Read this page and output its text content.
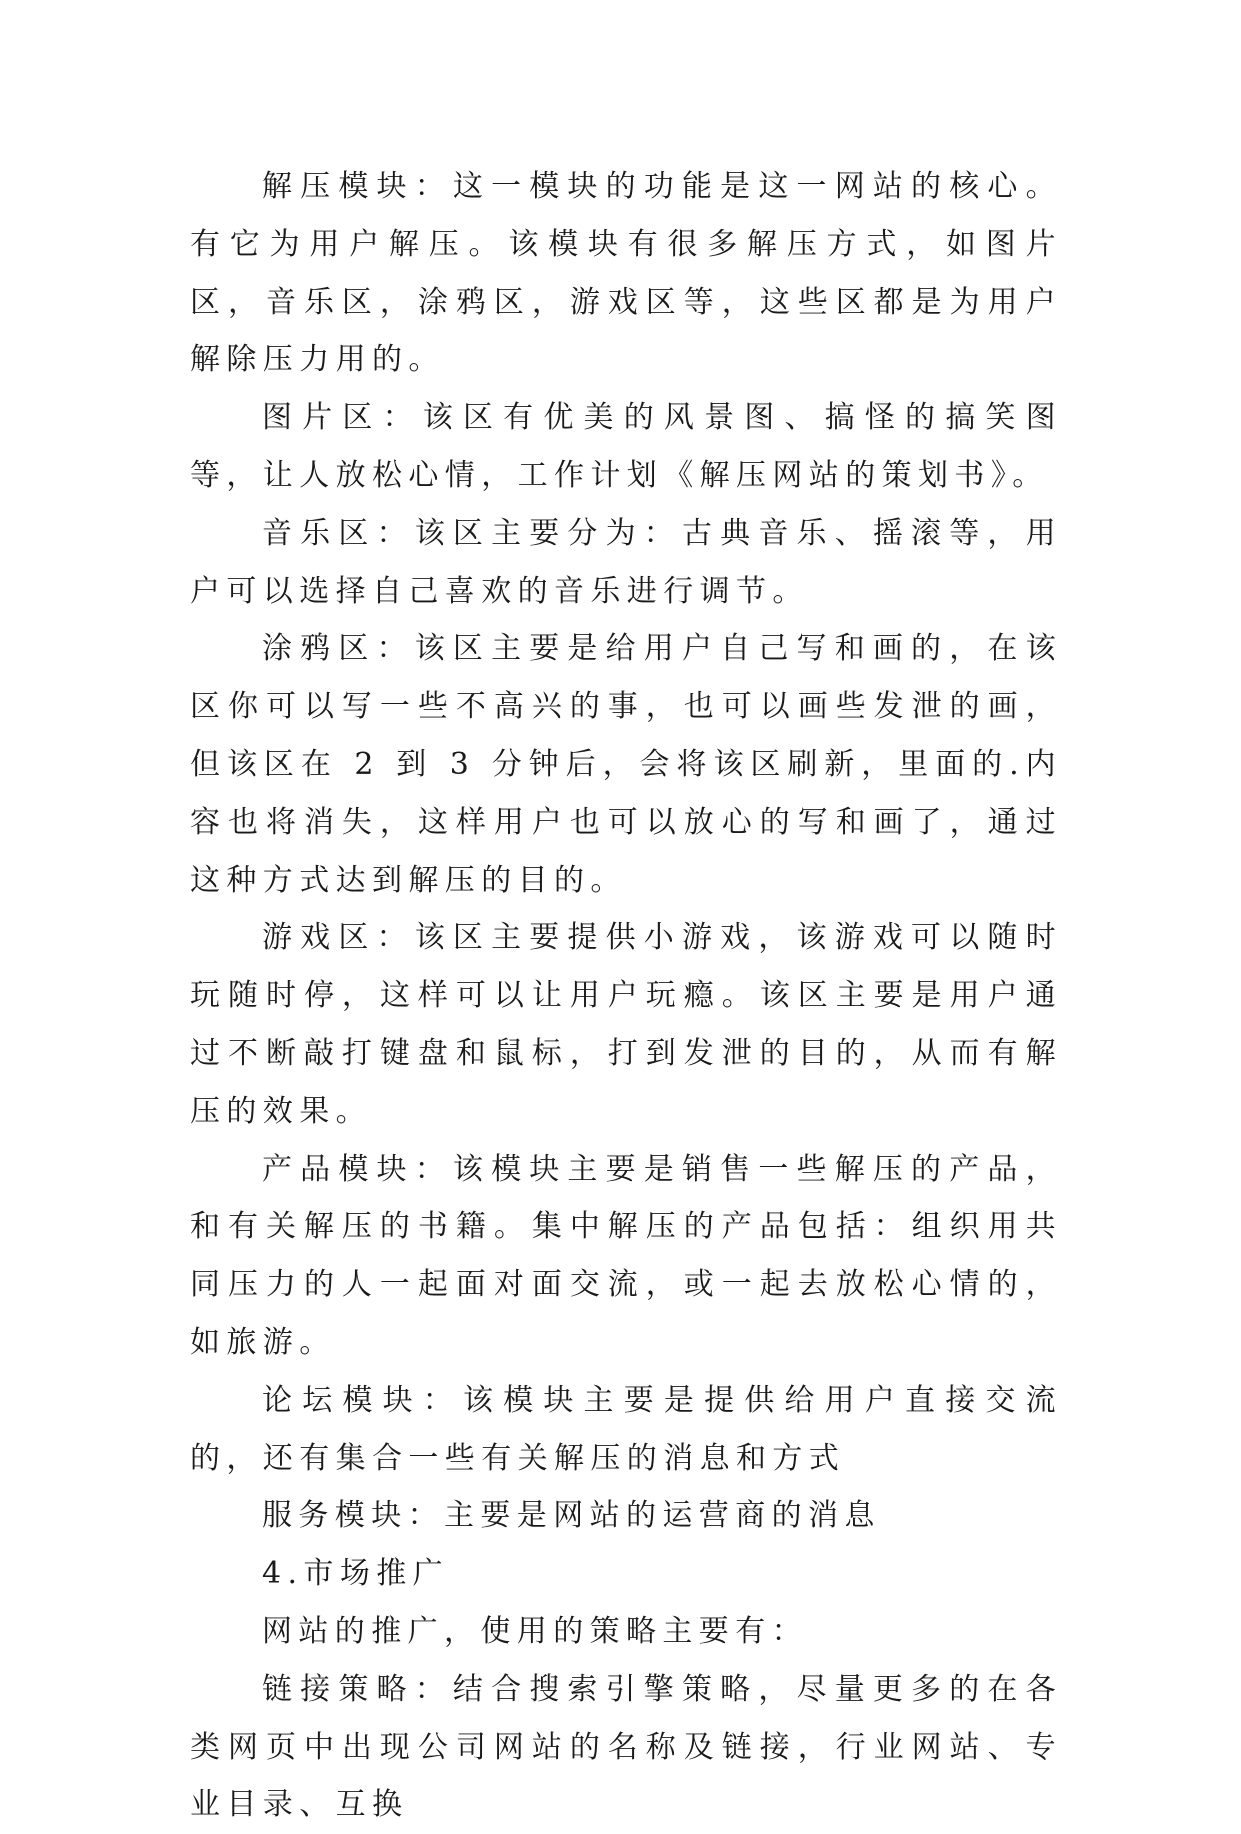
解压模块：这一模块的功能是这一网站的核心。有它为用户解压。该模块有很多解压方式，如图片区，音乐区，涂鸦区，游戏区等，这些区都是为用户解除压力用的。

图片区：该区有优美的风景图、搞怪的搞笑图等，让人放松心情，工作计划《解压网站的策划书》。

音乐区：该区主要分为：古典音乐、摇滚等，用户可以选择自己喜欢的音乐进行调节。

涂鸦区：该区主要是给用户自己写和画的，在该区你可以写一些不高兴的事，也可以画些发泄的画，但该区在 2 到 3 分钟后，会将该区刷新，里面的.内容也将消失，这样用户也可以放心的写和画了，通过这种方式达到解压的目的。

游戏区：该区主要提供小游戏，该游戏可以随时玩随时停，这样可以让用户玩瘾。该区主要是用户通过不断敲打键盘和鼠标，打到发泄的目的，从而有解压的效果。

产品模块：该模块主要是销售一些解压的产品，和有关解压的书籍。集中解压的产品包括：组织用共同压力的人一起面对面交流，或一起去放松心情的，如旅游。

论坛模块：该模块主要是提供给用户直接交流的，还有集合一些有关解压的消息和方式

服务模块：主要是网站的运营商的消息

4.市场推广

网站的推广，使用的策略主要有：

链接策略：结合搜索引擎策略，尽量更多的在各类网页中出现公司网站的名称及链接，行业网站、专业目录、互换
